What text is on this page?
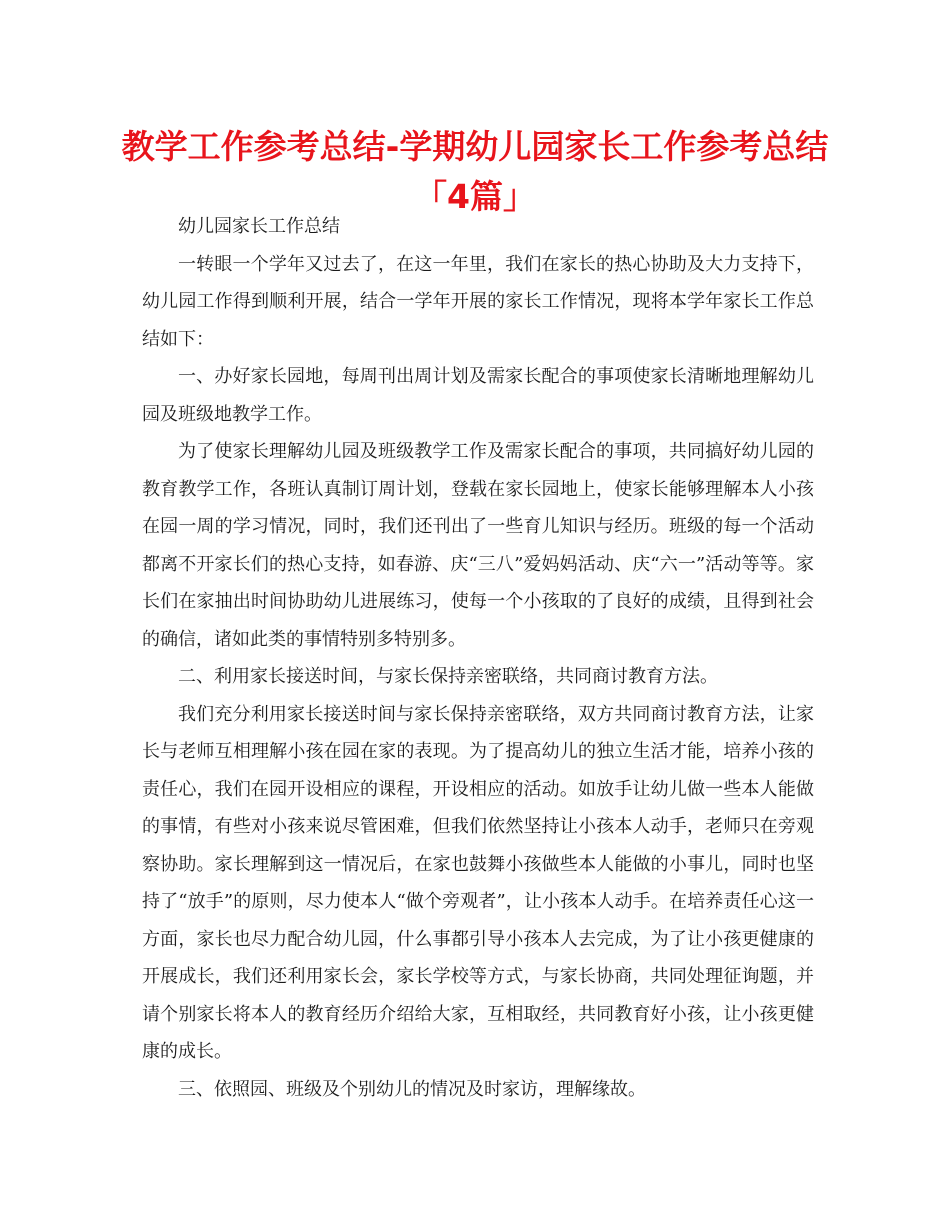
教学工作参考总结-学期幼儿园家长工作参考总结
「4篇」

幼儿园家长工作总结

一转眼一个学年又过去了，在这一年里，我们在家长的热心协助及大力支持下，幼儿园工作得到顺利开展，结合一学年开展的家长工作情况，现将本学年家长工作总结如下：

一、办好家长园地，每周刊出周计划及需家长配合的事项使家长清晰地理解幼儿园及班级地教学工作。

为了使家长理解幼儿园及班级教学工作及需家长配合的事项，共同搞好幼儿园的教育教学工作，各班认真制订周计划，登载在家长园地上，使家长能够理解本人小孩在园一周的学习情况，同时，我们还刊出了一些育儿知识与经历。班级的每一个活动都离不开家长们的热心支持，如春游、庆“三八”爱妈妈活动、庆“六一”活动等等。家长们在家抽出时间协助幼儿进展练习，使每一个小孩取的了良好的成绩，且得到社会的确信，诸如此类的事情特别多特别多。

二、利用家长接送时间，与家长保持亲密联络，共同商讨教育方法。

我们充分利用家长接送时间与家长保持亲密联络，双方共同商讨教育方法，让家长与老师互相理解小孩在园在家的表现。为了提高幼儿的独立生活才能，培养小孩的责任心，我们在园开设相应的课程，开设相应的活动。如放手让幼儿做一些本人能做的事情，有些对小孩来说尽管困难，但我们依然坚持让小孩本人动手，老师只在旁观察协助。家长理解到这一情况后，在家也鼓舞小孩做些本人能做的小事儿，同时也坚持了“放手”的原则，尽力使本人“做个旁观者”，让小孩本人动手。在培养责任心这一方面，家长也尽力配合幼儿园，什么事都引导小孩本人去完成，为了让小孩更健康的开展成长，我们还利用家长会，家长学校等方式，与家长协商，共同处理征询题，并请个别家长将本人的教育经历介绍给大家，互相取经，共同教育好小孩，让小孩更健康的成长。

三、依照园、班级及个别幼儿的情况及时家访，理解缘故。
